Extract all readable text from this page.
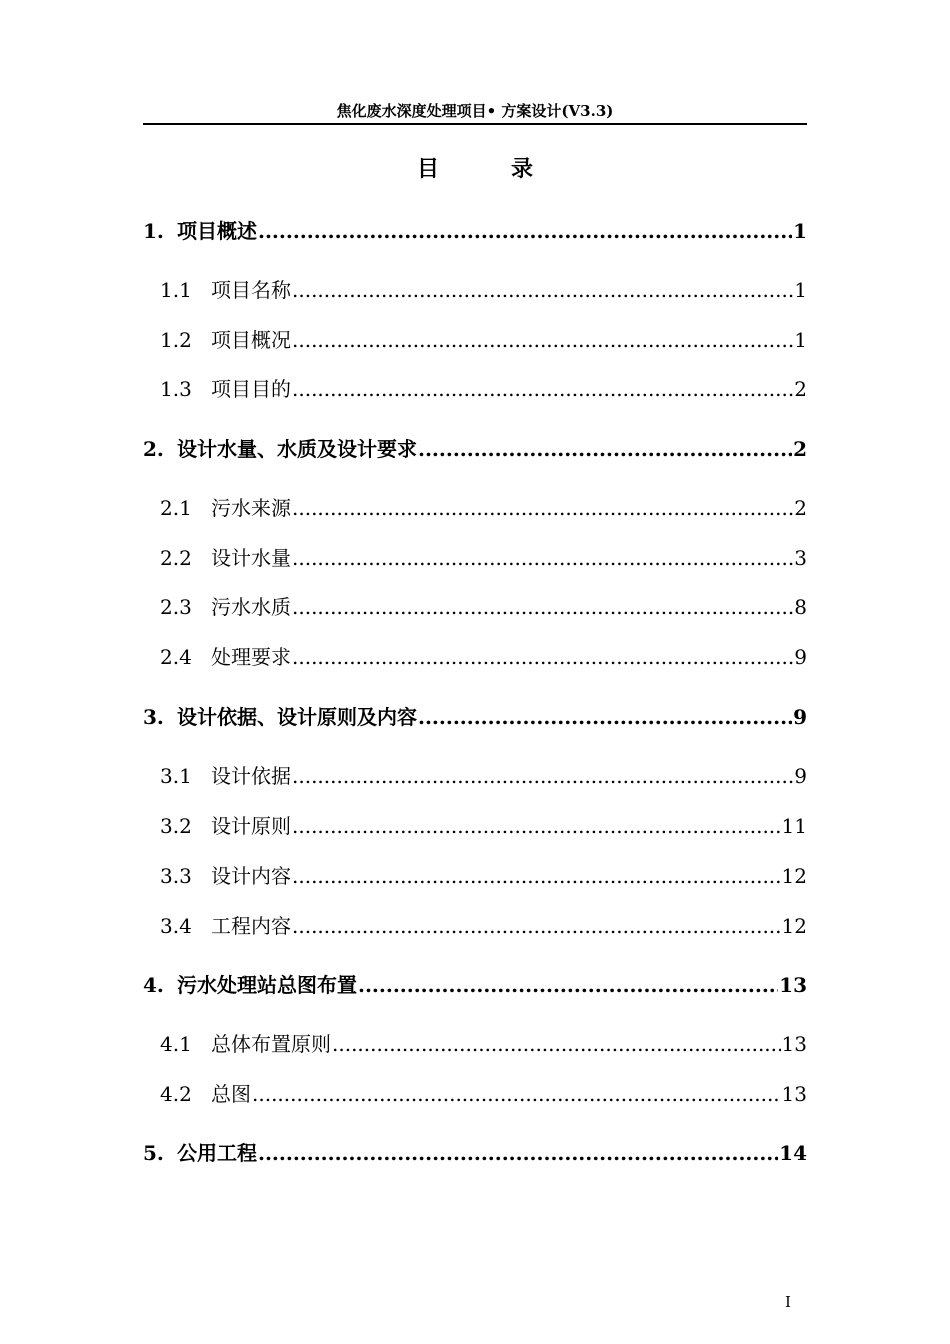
焦化废水深度处理项目• 方案设计(V3.3)
目	录
1. 项目概述 .....	1
1.1 项目名称 .....	1
1.2 项目概况 .....	1
1.3 项目目的 .....	2
2. 设计水量、水质及设计要求 .....	2
2.1 污水来源 .....	2
2.2 设计水量 .....	3
2.3 污水水质 .....	8
2.4 处理要求 .....	9
3. 设计依据、设计原则及内容 .....	9
3.1 设计依据 .....	9
3.2 设计原则 .....	11
3.3 设计内容 .....	12
3.4 工程内容 .....	12
4. 污水处理站总图布置 .....	13
4.1 总体布置原则 .....	13
4.2 总图 .....	13
5. 公用工程 .....	14
I
